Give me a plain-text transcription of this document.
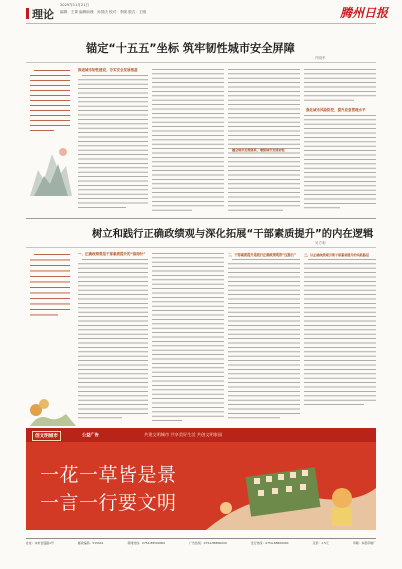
理论
2025年11月21日
编辑：王菁 编辑助理：孙国庆 校对：李刚 版式：王刚	腾州日报
锚定“十五五”坐标 筑牢韧性城市安全屏障
许晓军
推进城市韧性建设，夯实安全发展根基
强化城市风险防控，提升应急管理水平
健全城市治理体系，增强城市发展韧性
树立和践行正确政绩观与深化拓展“干部素质提升”的内在逻辑
吴方明
一、正确政绩观是干部素质提升的“指南针”	二、干部素质提升是践行正确政绩观的“压舱石”	三、以正确政绩观引领干部素质提升的实践路径
创文明城市	公益广告	共建文明城市 共享美好生活 共创文明家园
一花一草皆是景
一言一行要文明
社址：本市金盛路1号	邮政编码：515041	新闻热线：0754-88500000	广告热线：0754-88800000	发行热线：0754-88900000	定价：1.5元	印刷：本报印刷厂
